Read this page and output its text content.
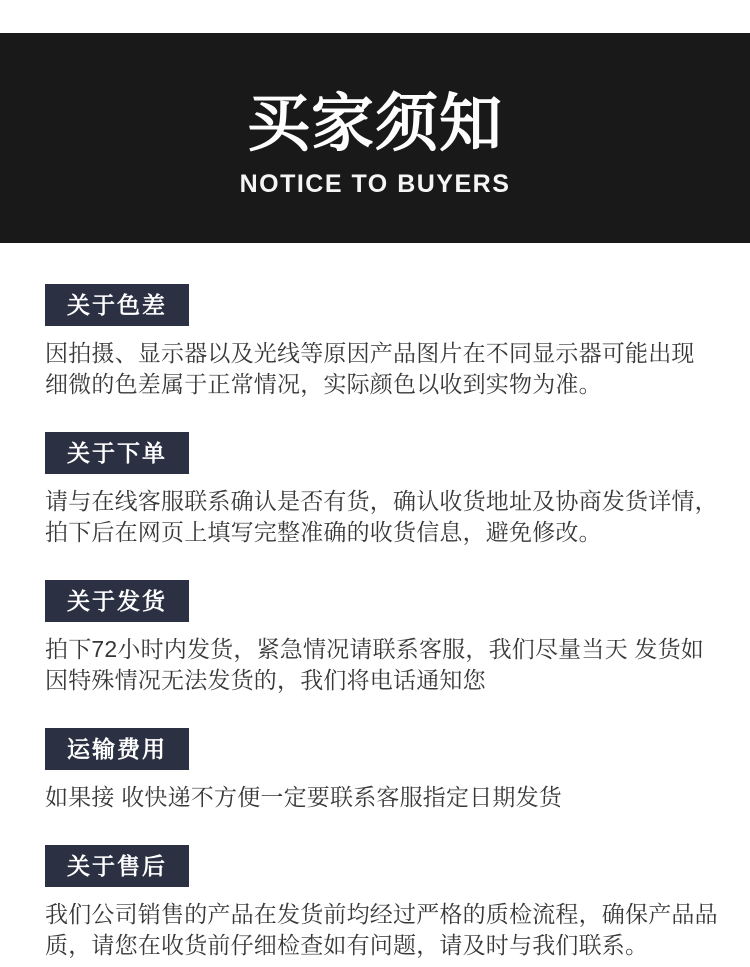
买家须知
NOTICE TO BUYERS
关于色差
因拍摄、显示器以及光线等原因产品图片在不同显示器可能出现
细微的色差属于正常情况，实际颜色以收到实物为准。
关于下单
请与在线客服联系确认是否有货，确认收货地址及协商发货详情，
拍下后在网页上填写完整准确的收货信息，避免修改。
关于发货
拍下72小时内发货，紧急情况请联系客服，我们尽量当天 发货如
因特殊情况无法发货的，我们将电话通知您
运输费用
如果接 收快递不方便一定要联系客服指定日期发货
关于售后
我们公司销售的产品在发货前均经过严格的质检流程，确保产品品
质，请您在收货前仔细检查如有问题，请及时与我们联系。
